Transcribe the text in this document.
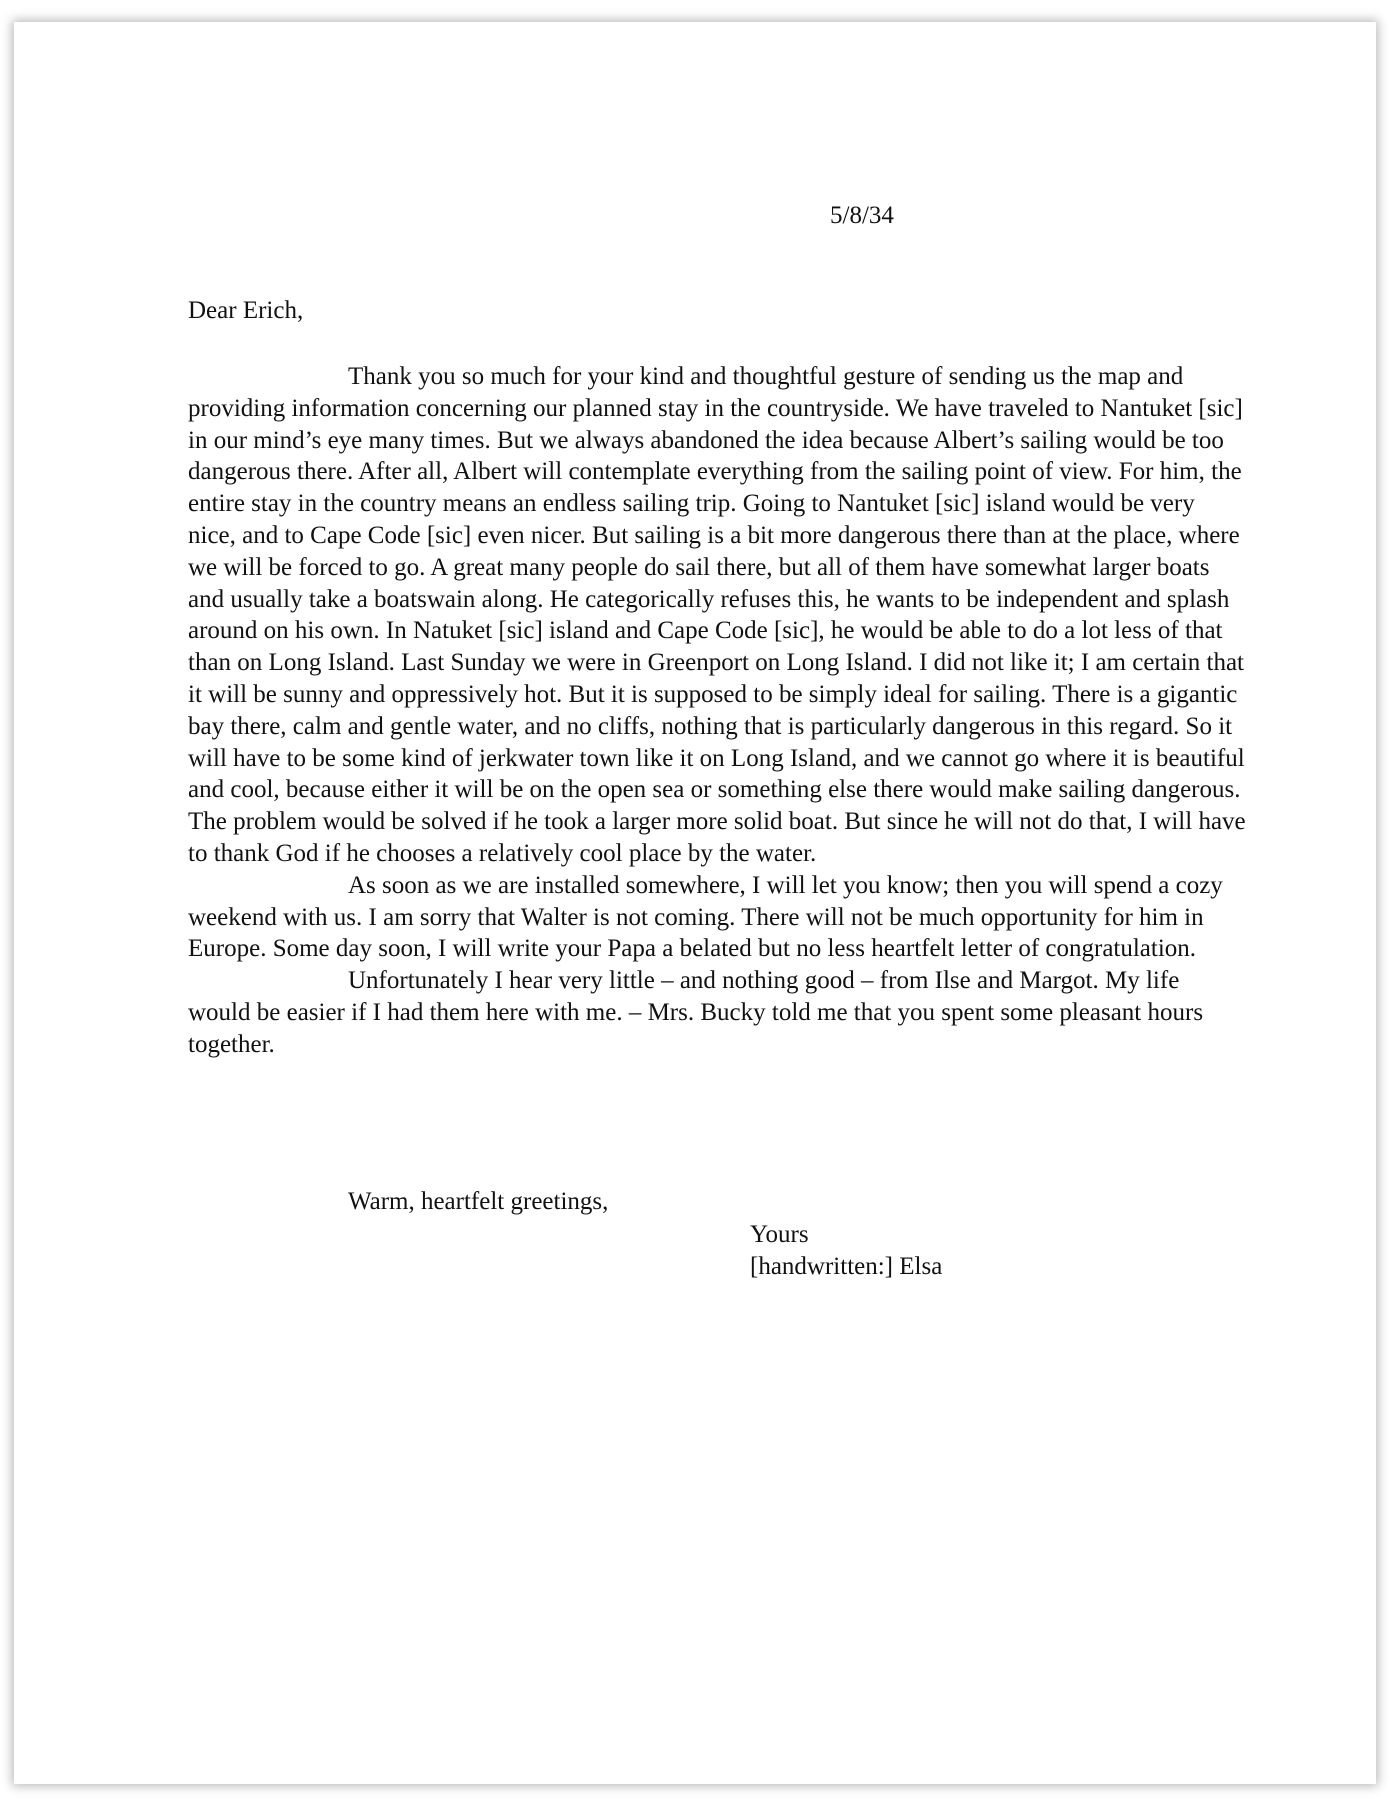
5/8/34
Dear Erich,

Thank you so much for your kind and thoughtful gesture of sending us the map and providing information concerning our planned stay in the countryside. We have traveled to Nantuket [sic] in our mind’s eye many times. But we always abandoned the idea because Albert’s sailing would be too dangerous there. After all, Albert will contemplate everything from the sailing point of view. For him, the entire stay in the country means an endless sailing trip. Going to Nantuket [sic] island would be very nice, and to Cape Code [sic] even nicer. But sailing is a bit more dangerous there than at the place, where we will be forced to go. A great many people do sail there, but all of them have somewhat larger boats and usually take a boatswain along. He categorically refuses this, he wants to be independent and splash around on his own. In Natuket [sic] island and Cape Code [sic], he would be able to do a lot less of that than on Long Island. Last Sunday we were in Greenport on Long Island. I did not like it; I am certain that it will be sunny and oppressively hot. But it is supposed to be simply ideal for sailing. There is a gigantic bay there, calm and gentle water, and no cliffs, nothing that is particularly dangerous in this regard. So it will have to be some kind of jerkwater town like it on Long Island, and we cannot go where it is beautiful and cool, because either it will be on the open sea or something else there would make sailing dangerous. The problem would be solved if he took a larger more solid boat. But since he will not do that, I will have to thank God if he chooses a relatively cool place by the water.

As soon as we are installed somewhere, I will let you know; then you will spend a cozy weekend with us. I am sorry that Walter is not coming. There will not be much opportunity for him in Europe. Some day soon, I will write your Papa a belated but no less heartfelt letter of congratulation.

Unfortunately I hear very little – and nothing good – from Ilse and Margot. My life would be easier if I had them here with me. – Mrs. Bucky told me that you spent some pleasant hours together.

Warm, heartfelt greetings,
Yours
[handwritten:] Elsa
